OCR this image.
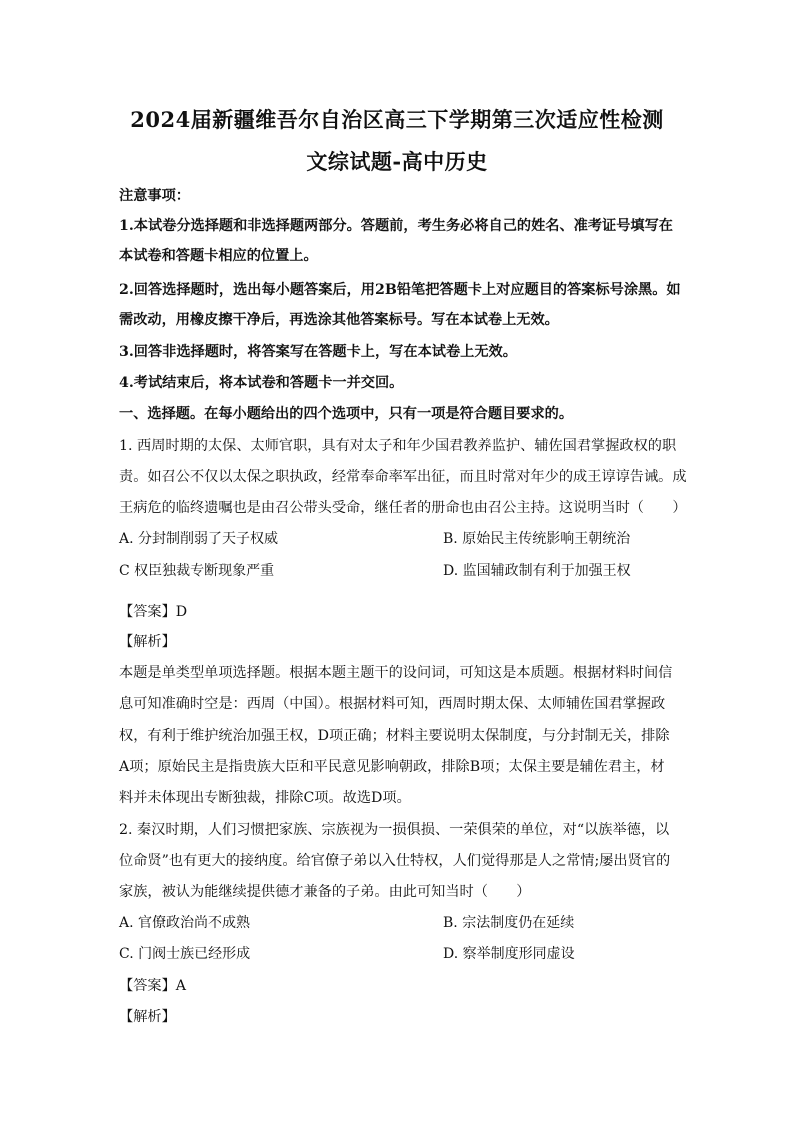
2024届新疆维吾尔自治区高三下学期第三次适应性检测
文综试题-高中历史
注意事项：
1.本试卷分选择题和非选择题两部分。答题前，考生务必将自己的姓名、准考证号填写在
本试卷和答题卡相应的位置上。
2.回答选择题时，选出每小题答案后，用2B铅笔把答题卡上对应题目的答案标号涂黑。如
需改动，用橡皮擦干净后，再选涂其他答案标号。写在本试卷上无效。
3.回答非选择题时，将答案写在答题卡上，写在本试卷上无效。
4.考试结束后，将本试卷和答题卡一并交回。
一、选择题。在每小题给出的四个选项中，只有一项是符合题目要求的。
1. 西周时期的太保、太师官职，具有对太子和年少国君教养监护、辅佐国君掌握政权的职
责。如召公不仅以太保之职执政，经常奉命率军出征，而且时常对年少的成王谆谆告诫。成
王病危的临终遗嘱也是由召公带头受命，继任者的册命也由召公主持。这说明当时（　　）
A. 分封制削弱了天子权威	B. 原始民主传统影响王朝统治
C 权臣独裁专断现象严重	D. 监国辅政制有利于加强王权
【答案】D
【解析】
本题是单类型单项选择题。根据本题主题干的设问词，可知这是本质题。根据材料时间信
息可知准确时空是：西周（中国）。根据材料可知，西周时期太保、太师辅佐国君掌握政
权，有利于维护统治加强王权，D项正确；材料主要说明太保制度，与分封制无关，排除
A项；原始民主是指贵族大臣和平民意见影响朝政，排除B项；太保主要是辅佐君主，材
料并未体现出专断独裁，排除C项。故选D项。
2. 秦汉时期，人们习惯把家族、宗族视为一损俱损、一荣俱荣的单位，对“以族举德，以
位命贤”也有更大的接纳度。给官僚子弟以入仕特权，人们觉得那是人之常情;屡出贤官的
家族，被认为能继续提供德才兼备的子弟。由此可知当时（　　）
A. 官僚政治尚不成熟	B. 宗法制度仍在延续
C. 门阀士族已经形成	D. 察举制度形同虚设
【答案】A
【解析】
